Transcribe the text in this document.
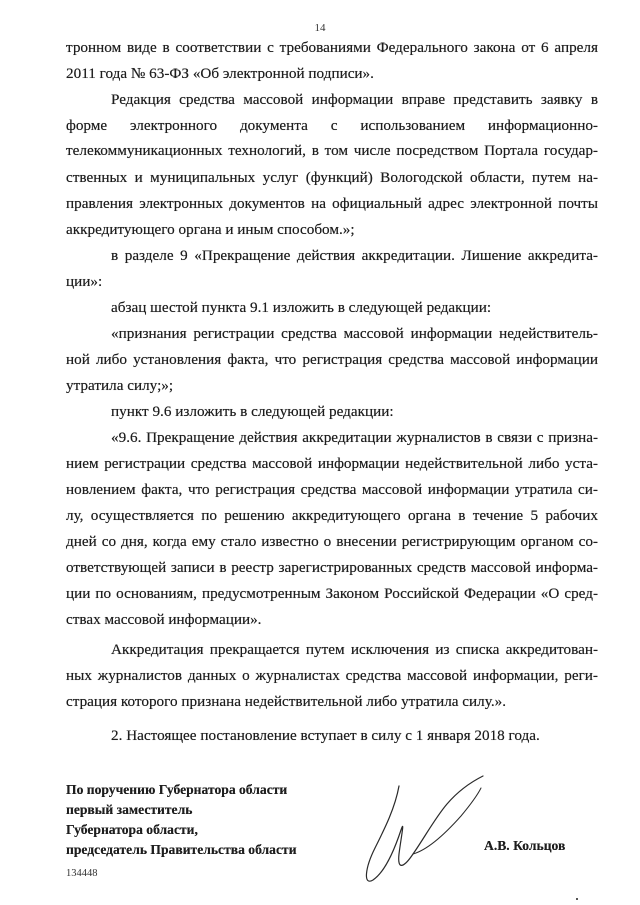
14
тронном виде в соответствии с требованиями Федерального закона от 6 апреля
2011 года № 63-ФЗ «Об электронной подписи».
Редакция средства массовой информации вправе представить заявку в
форме электронного документа с использованием информационно-
телекоммуникационных технологий, в том числе посредством Портала государ-
ственных и муниципальных услуг (функций) Вологодской области, путем на-
правления электронных документов на официальный адрес электронной почты
аккредитующего органа и иным способом.»;
в разделе 9 «Прекращение действия аккредитации. Лишение аккредита-
ции»:
абзац шестой пункта 9.1 изложить в следующей редакции:
«признания регистрации средства массовой информации недействитель-
ной либо установления факта, что регистрация средства массовой информации
утратила силу;»;
пункт 9.6 изложить в следующей редакции:
«9.6. Прекращение действия аккредитации журналистов в связи с призна-
нием регистрации средства массовой информации недействительной либо уста-
новлением факта, что регистрация средства массовой информации утратила си-
лу, осуществляется по решению аккредитующего органа в течение 5 рабочих
дней со дня, когда ему стало известно о внесении регистрирующим органом со-
ответствующей записи в реестр зарегистрированных средств массовой информа-
ции по основаниям, предусмотренным Законом Российской Федерации «О сред-
ствах массовой информации».
Аккредитация прекращается путем исключения из списка аккредитован-
ных журналистов данных о журналистах средства массовой информации, реги-
страция которого признана недействительной либо утратила силу.».
2. Настоящее постановление вступает в силу с 1 января 2018 года.
По поручению Губернатора области
первый заместитель
Губернатора области,
председатель Правительства области	А.В. Кольцов
134448
